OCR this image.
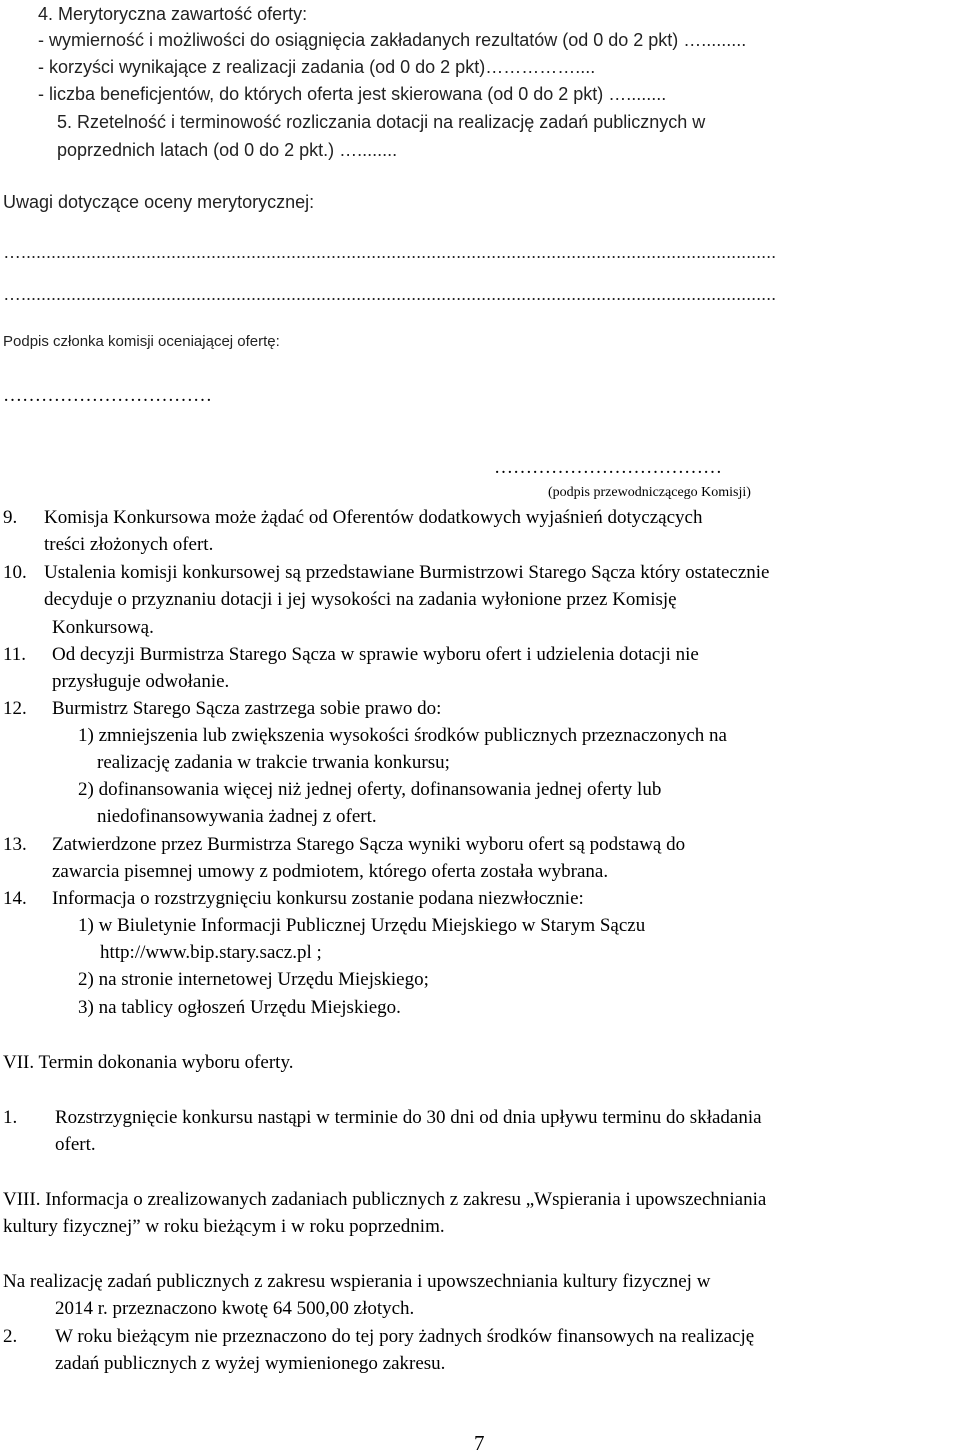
4. Merytoryczna zawartość oferty:
- wymierność i możliwości do osiągnięcia zakładanych rezultatów (od 0 do 2 pkt) ….........
- korzyści wynikające z realizacji zadania (od 0 do 2 pkt)……………....
- liczba beneficjentów, do których oferta jest skierowana (od 0 do 2 pkt) …........
5. Rzetelność i terminowość rozliczania dotacji na realizację zadań publicznych w
poprzednich latach (od 0 do 2 pkt.) …........
Uwagi dotyczące oceny merytorycznej:
….......................................................................................................................................................
….......................................................................................................................................................
Podpis członka komisji oceniającej ofertę:
……………………………
………………………………
(podpis przewodniczącego Komisji)
9. Komisja Konkursowa może żądać od Oferentów dodatkowych wyjaśnień dotyczących
treści złożonych ofert.
10. Ustalenia komisji konkursowej są przedstawiane Burmistrzowi Starego Sącza który ostatecznie
decyduje o przyznaniu dotacji i jej wysokości na zadania wyłonione przez Komisję
Konkursową.
11. Od decyzji Burmistrza Starego Sącza w sprawie wyboru ofert i udzielenia dotacji nie
przysługuje odwołanie.
12. Burmistrz Starego Sącza zastrzega sobie prawo do:
1) zmniejszenia lub zwiększenia wysokości środków publicznych przeznaczonych na
realizację zadania w trakcie trwania konkursu;
2) dofinansowania więcej niż jednej oferty, dofinansowania jednej oferty lub
niedofinansowywania żadnej z ofert.
13. Zatwierdzone przez Burmistrza Starego Sącza wyniki wyboru ofert są podstawą do
zawarcia pisemnej umowy z podmiotem, którego oferta została wybrana.
14. Informacja o rozstrzygnięciu konkursu zostanie podana niezwłocznie:
1) w Biuletynie Informacji Publicznej Urzędu Miejskiego w Starym Sączu
http://www.bip.stary.sacz.pl ;
2) na stronie internetowej Urzędu Miejskiego;
3) na tablicy ogłoszeń Urzędu Miejskiego.
VII. Termin dokonania wyboru oferty.
1. Rozstrzygnięcie konkursu nastąpi w terminie do 30 dni od dnia upływu terminu do składania
ofert.
VIII. Informacja o zrealizowanych zadaniach publicznych z zakresu „Wspierania i upowszechniania
kultury fizycznej” w roku bieżącym i w roku poprzednim.
Na realizację zadań publicznych z zakresu wspierania i upowszechniania kultury fizycznej w
2014 r. przeznaczono kwotę 64 500,00 złotych.
2. W roku bieżącym nie przeznaczono do tej pory żadnych środków finansowych na realizację
zadań publicznych z wyżej wymienionego zakresu.
7
